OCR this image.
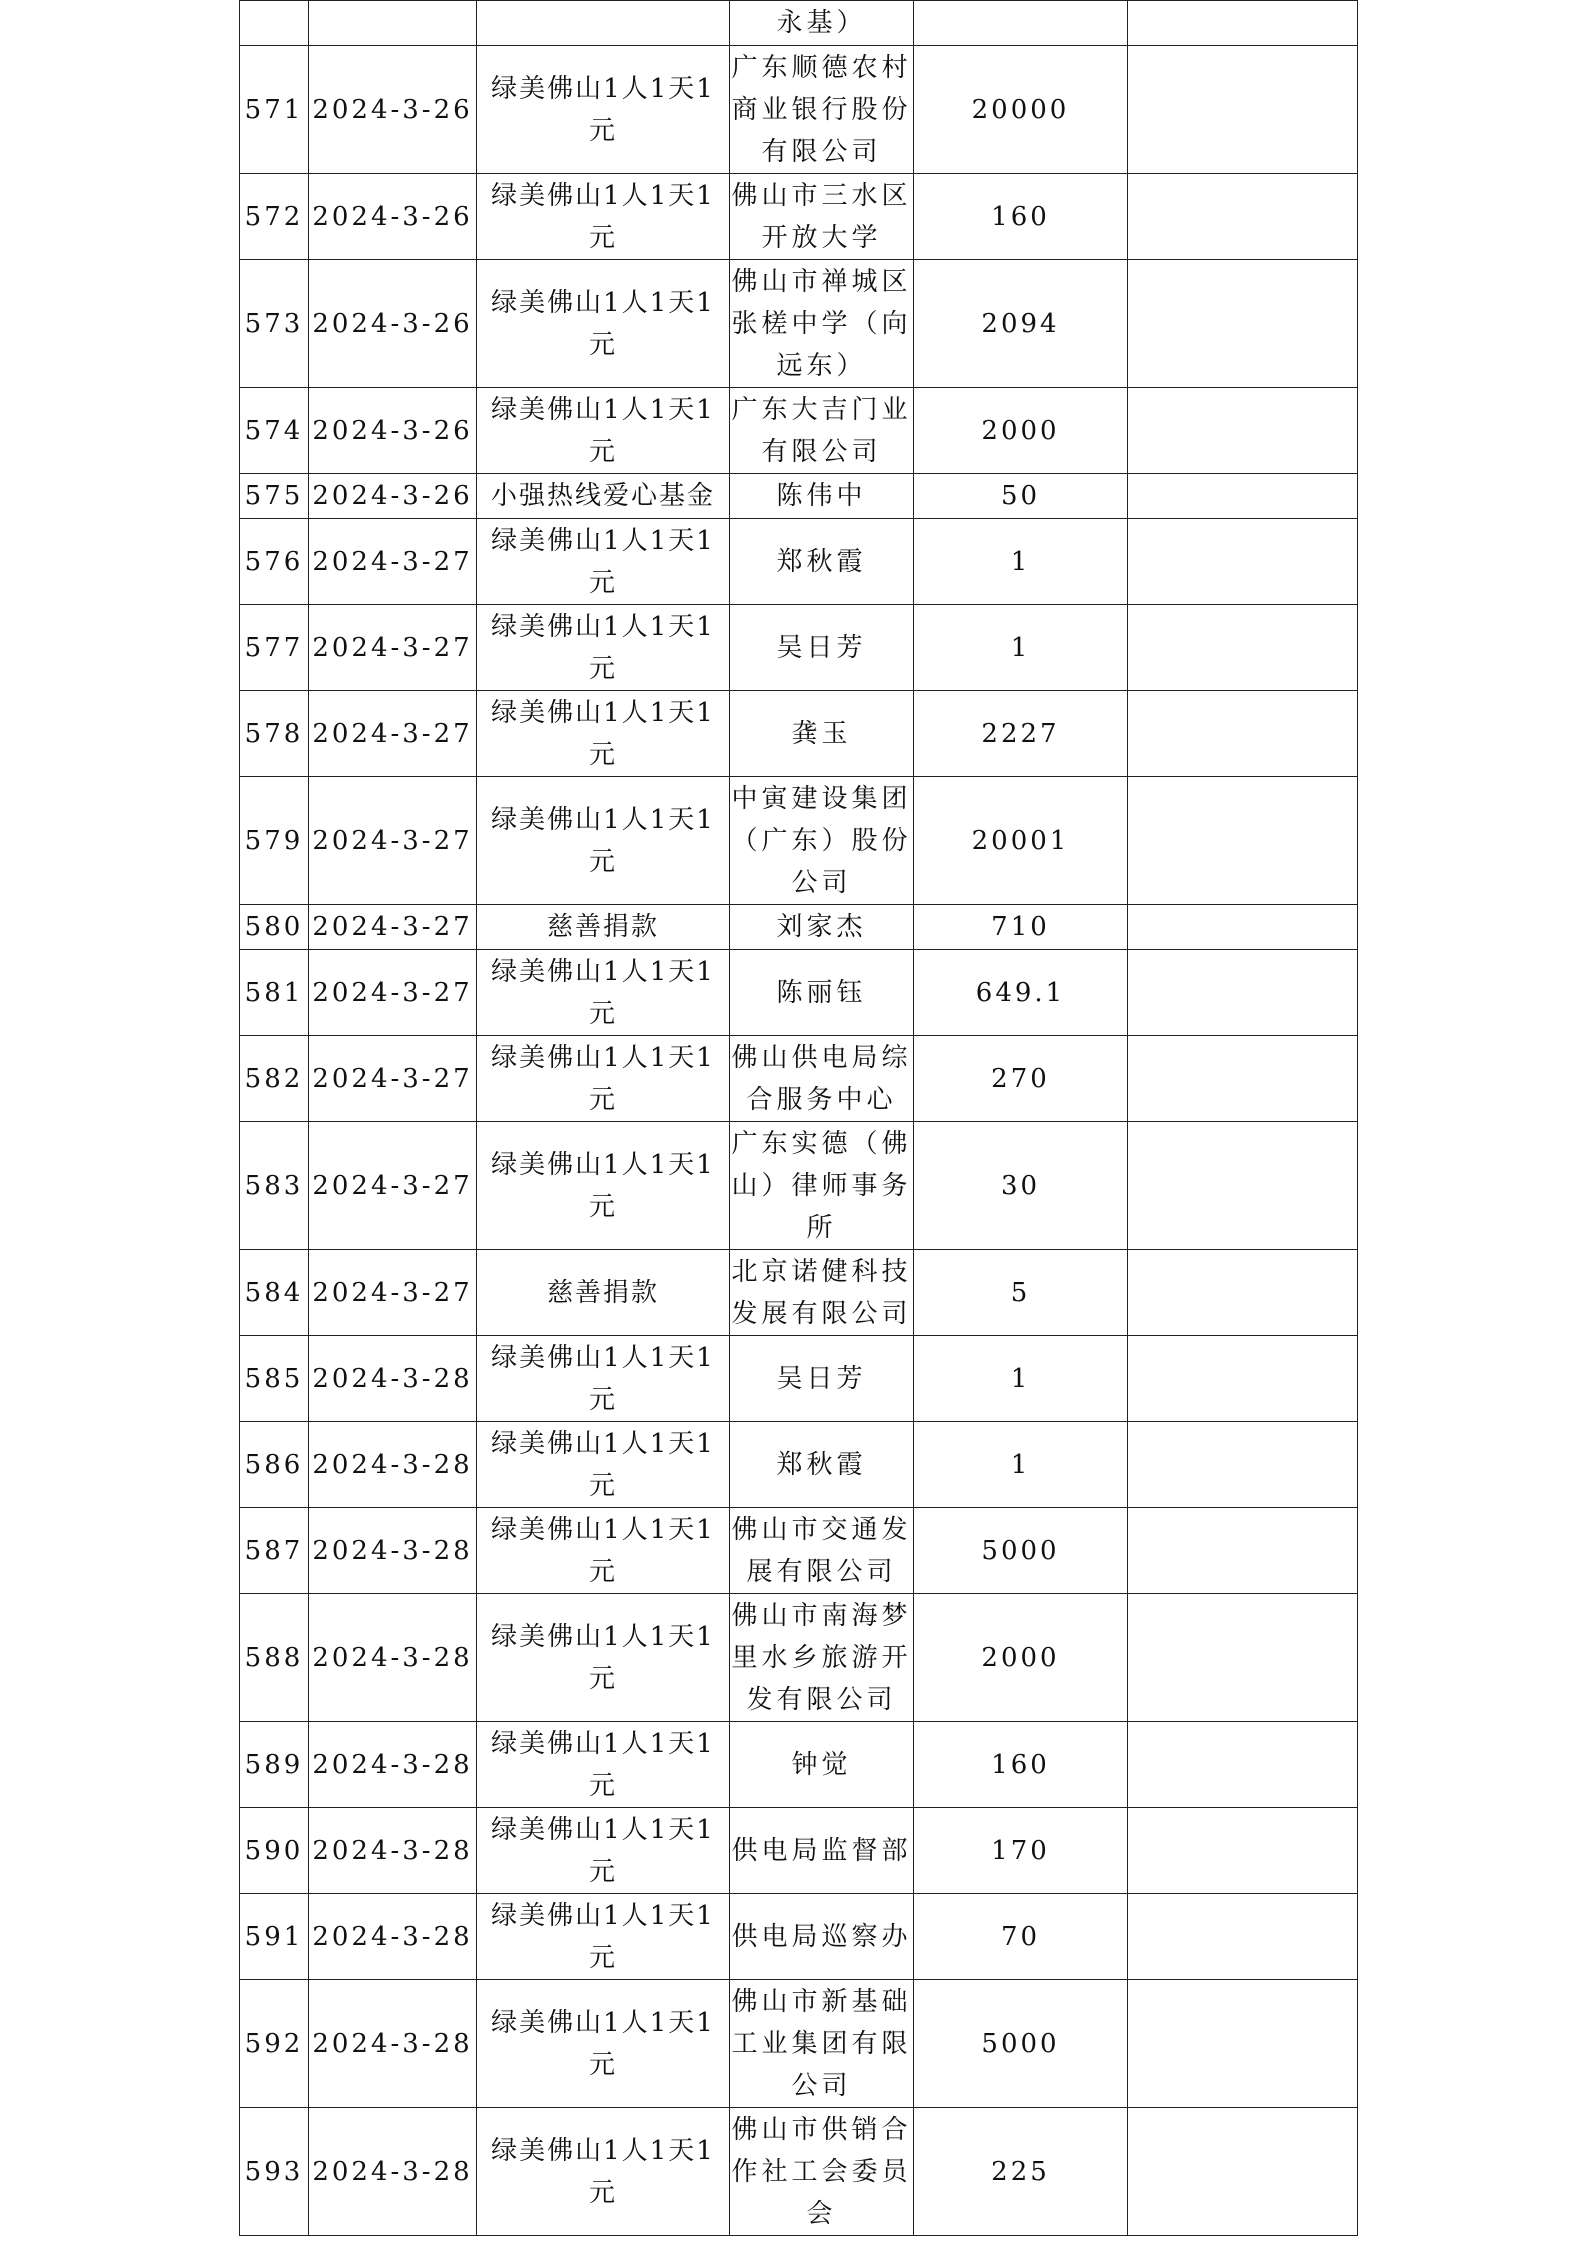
			永基）		
571	2024-3-26	绿美佛山1人1天1元	广东顺德农村商业银行股份有限公司	20000	
572	2024-3-26	绿美佛山1人1天1元	佛山市三水区开放大学	160	
573	2024-3-26	绿美佛山1人1天1元	佛山市禅城区张槎中学（向远东）	2094	
574	2024-3-26	绿美佛山1人1天1元	广东大吉门业有限公司	2000	
575	2024-3-26	小强热线爱心基金	陈伟中	50	
576	2024-3-27	绿美佛山1人1天1元	郑秋霞	1	
577	2024-3-27	绿美佛山1人1天1元	吴日芳	1	
578	2024-3-27	绿美佛山1人1天1元	龚玉	2227	
579	2024-3-27	绿美佛山1人1天1元	中寅建设集团（广东）股份公司	20001	
580	2024-3-27	慈善捐款	刘家杰	710	
581	2024-3-27	绿美佛山1人1天1元	陈丽钰	649.1	
582	2024-3-27	绿美佛山1人1天1元	佛山供电局综合服务中心	270	
583	2024-3-27	绿美佛山1人1天1元	广东实德（佛山）律师事务所	30	
584	2024-3-27	慈善捐款	北京诺健科技发展有限公司	5	
585	2024-3-28	绿美佛山1人1天1元	吴日芳	1	
586	2024-3-28	绿美佛山1人1天1元	郑秋霞	1	
587	2024-3-28	绿美佛山1人1天1元	佛山市交通发展有限公司	5000	
588	2024-3-28	绿美佛山1人1天1元	佛山市南海梦里水乡旅游开发有限公司	2000	
589	2024-3-28	绿美佛山1人1天1元	钟觉	160	
590	2024-3-28	绿美佛山1人1天1元	供电局监督部	170	
591	2024-3-28	绿美佛山1人1天1元	供电局巡察办	70	
592	2024-3-28	绿美佛山1人1天1元	佛山市新基础工业集团有限公司	5000	
593	2024-3-28	绿美佛山1人1天1元	佛山市供销合作社工会委员会	225	
